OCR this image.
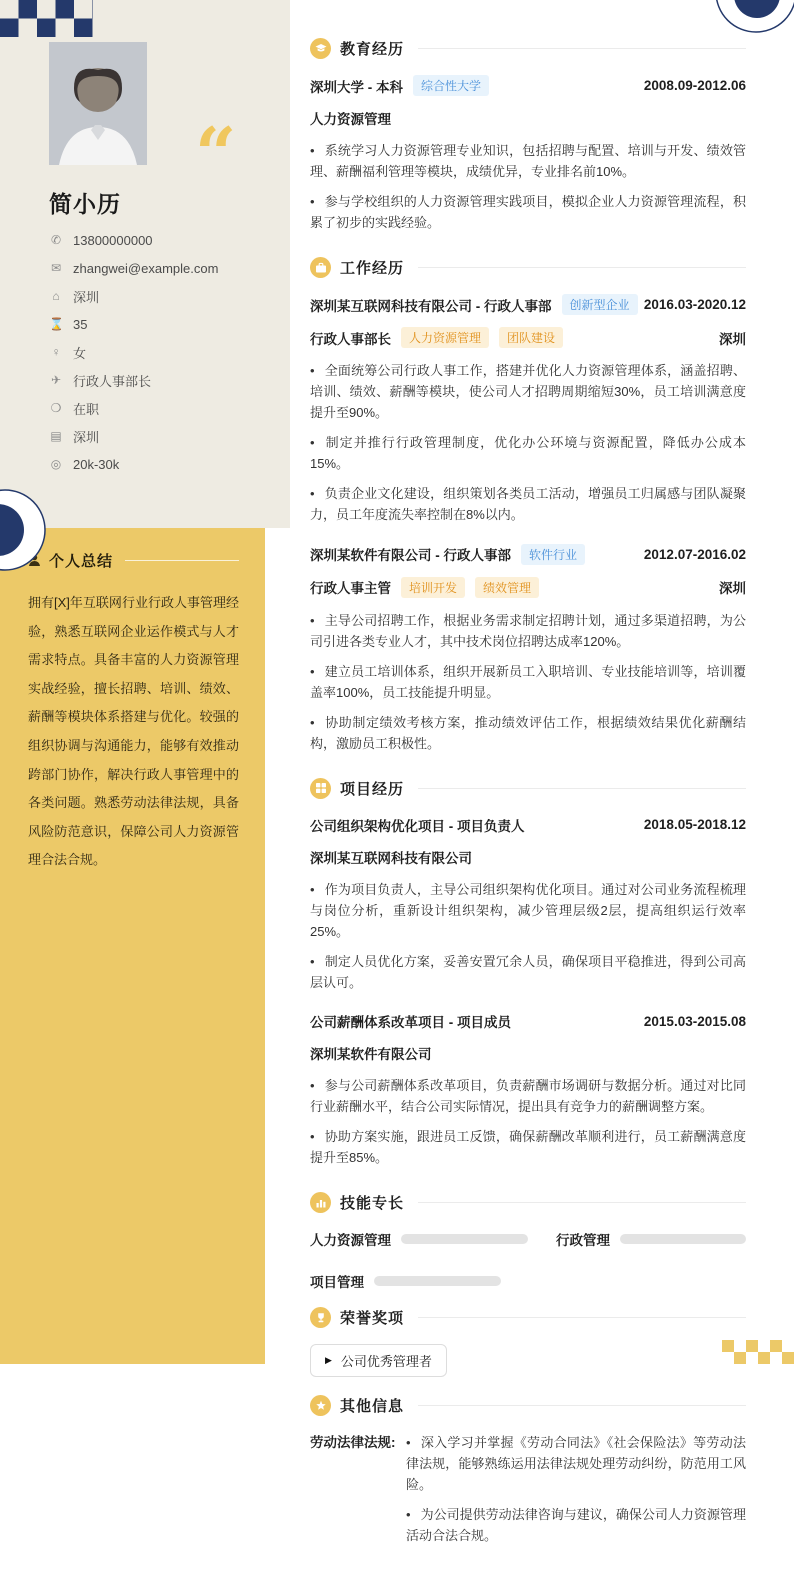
“
简小历
✆ 13800000000
✉ zhangwei@example.com
⌂ 深圳
⌛ 35
♀ 女
✈ 行政人事部长
❍ 在职
▤ 深圳
◎ 20k-30k
个人总结
拥有[X]年互联网行业行政人事管理经验，熟悉互联网企业运作模式与人才需求特点。具备丰富的人力资源管理实战经验，擅长招聘、培训、绩效、薪酬等模块体系搭建与优化。较强的组织协调与沟通能力，能够有效推动跨部门协作，解决行政人事管理中的各类问题。熟悉劳动法律法规，具备风险防范意识，保障公司人力资源管理合法合规。
教育经历
深圳大学 - 本科	综合性大学	2008.09-2012.06
人力资源管理

• 系统学习人力资源管理专业知识，包括招聘与配置、培训与开发、绩效管理、薪酬福利管理等模块，成绩优异，专业排名前10%。

• 参与学校组织的人力资源管理实践项目，模拟企业人力资源管理流程，积累了初步的实践经验。

工作经历
深圳某互联网科技有限公司 - 行政人事部	创新型企业	2016.03-2020.12
行政人事部长	人力资源管理	团队建设	深圳

• 全面统筹公司行政人事工作，搭建并优化人力资源管理体系，涵盖招聘、培训、绩效、薪酬等模块，使公司人才招聘周期缩短30%，员工培训满意度提升至90%。

• 制定并推行行政管理制度，优化办公环境与资源配置，降低办公成本15%。

• 负责企业文化建设，组织策划各类员工活动，增强员工归属感与团队凝聚力，员工年度流失率控制在8%以内。

深圳某软件有限公司 - 行政人事部	软件行业	2012.07-2016.02
行政人事主管	培训开发	绩效管理	深圳

• 主导公司招聘工作，根据业务需求制定招聘计划，通过多渠道招聘，为公司引进各类专业人才，其中技术岗位招聘达成率120%。

• 建立员工培训体系，组织开展新员工入职培训、专业技能培训等，培训覆盖率100%，员工技能提升明显。

• 协助制定绩效考核方案，推动绩效评估工作，根据绩效结果优化薪酬结构，激励员工积极性。

项目经历
公司组织架构优化项目 - 项目负责人	2018.05-2018.12
深圳某互联网科技有限公司

• 作为项目负责人，主导公司组织架构优化项目。通过对公司业务流程梳理与岗位分析，重新设计组织架构，减少管理层级2层，提高组织运行效率25%。

• 制定人员优化方案，妥善安置冗余人员，确保项目平稳推进，得到公司高层认可。

公司薪酬体系改革项目 - 项目成员	2015.03-2015.08
深圳某软件有限公司

• 参与公司薪酬体系改革项目，负责薪酬市场调研与数据分析。通过对比同行业薪酬水平，结合公司实际情况，提出具有竞争力的薪酬调整方案。

• 协助方案实施，跟进员工反馈，确保薪酬改革顺利进行，员工薪酬满意度提升至85%。

技能专长
人力资源管理	行政管理
项目管理
荣誉奖项
▶ 公司优秀管理者
其他信息
劳动法律法规:	• 深入学习并掌握《劳动合同法》《社会保险法》等劳动法律法规，能够熟练运用法律法规处理劳动纠纷，防范用工风险。

• 为公司提供劳动法律咨询与建议，确保公司人力资源管理活动合法合规。
